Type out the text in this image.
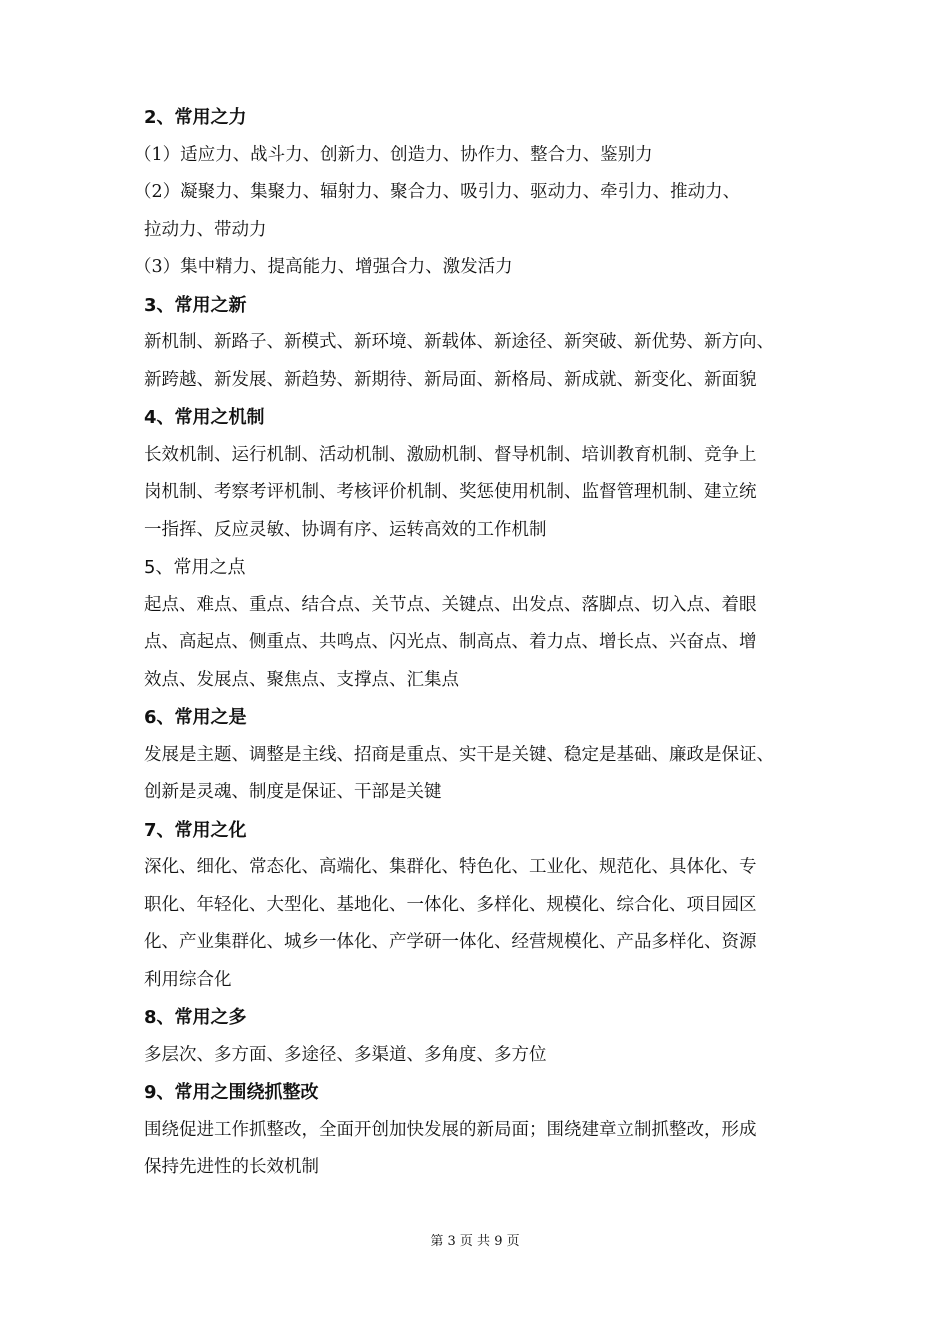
2、常用之力

（1）适应力、战斗力、创新力、创造力、协作力、整合力、鉴别力

（2）凝聚力、集聚力、辐射力、聚合力、吸引力、驱动力、牵引力、推动力、

拉动力、带动力

（3）集中精力、提高能力、增强合力、激发活力

3、常用之新

新机制、新路子、新模式、新环境、新载体、新途径、新突破、新优势、新方向、

新跨越、新发展、新趋势、新期待、新局面、新格局、新成就、新变化、新面貌

4、常用之机制

长效机制、运行机制、活动机制、激励机制、督导机制、培训教育机制、竞争上

岗机制、考察考评机制、考核评价机制、奖惩使用机制、监督管理机制、建立统

一指挥、反应灵敏、协调有序、运转高效的工作机制

5、常用之点

起点、难点、重点、结合点、关节点、关键点、出发点、落脚点、切入点、着眼

点、高起点、侧重点、共鸣点、闪光点、制高点、着力点、增长点、兴奋点、增

效点、发展点、聚焦点、支撑点、汇集点

6、常用之是

发展是主题、调整是主线、招商是重点、实干是关键、稳定是基础、廉政是保证、

创新是灵魂、制度是保证、干部是关键

7、常用之化

深化、细化、常态化、高端化、集群化、特色化、工业化、规范化、具体化、专

职化、年轻化、大型化、基地化、一体化、多样化、规模化、综合化、项目园区

化、产业集群化、城乡一体化、产学研一体化、经营规模化、产品多样化、资源

利用综合化

8、常用之多

多层次、多方面、多途径、多渠道、多角度、多方位

9、常用之围绕抓整改

围绕促进工作抓整改，全面开创加快发展的新局面；围绕建章立制抓整改，形成

保持先进性的长效机制

第 3 页 共 9 页
